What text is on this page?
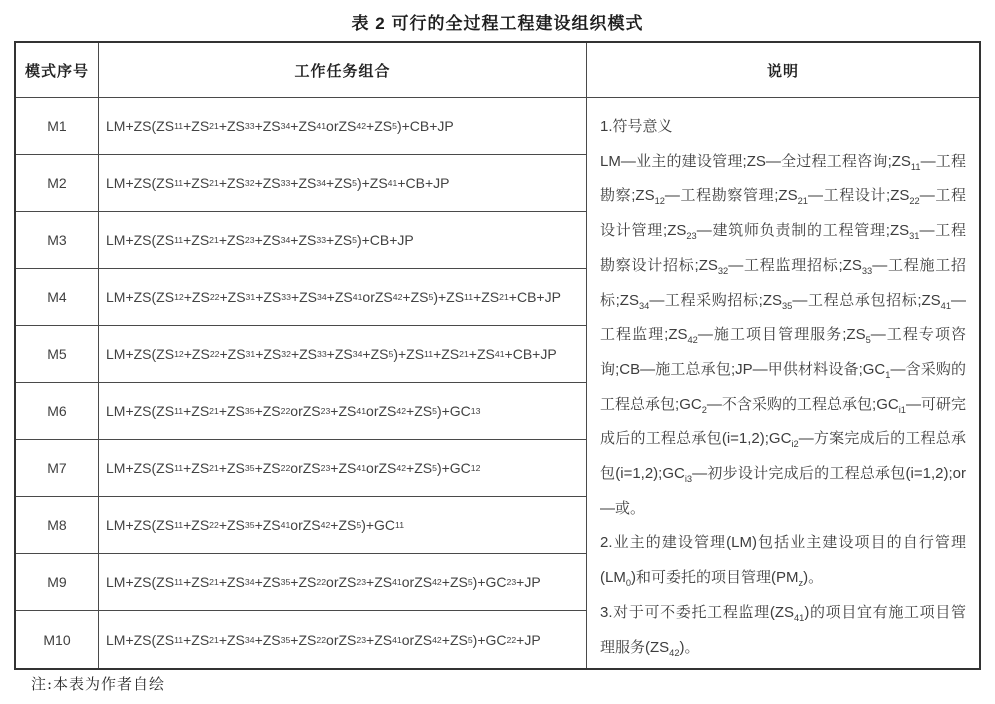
表 2 可行的全过程工程建设组织模式
模式序号	工作任务组合	说明
1.符号意义
LM—业主的建设管理;ZS—全过程工程咨询$;ZS_{11}—$工程勘察$;ZS_{12}—$工程勘察管理$;ZS_{21}—$工程设计$;ZS_{22}—$工程设计管理$;ZS_{23}—$建筑师负责制的工程管理$;ZS_{31}—$工程勘察设计招标$;ZS_{32}—$工程监理招标$;ZS_{33}—$工程施工招标$;ZS_{34}—$工程采购招标$;ZS_{35}—$工程总承包招标$;ZS_{41}—$工程监理$;ZS_{42}—$施工项目管理服务$;ZS_5—$工程专项咨询;CB—施工总承包;JP—甲供材料设备$;GC_1—$含采购的工程总承包$;GC_2—$不含采购的工程总承包$;GC_{i1}—$可研完成后的工程总承包$(i=1,2);GC_{i2}—$方案完成后的工程总承包$(i=1,2);GC_{i3}—$初步设计完成后的工程总承包(i=1,2);or—或。
2.业主的建设管理(LM)包括业主建设项目的自行管理$(LM_0)$和可委托的项目管理$(PM_z)$。
3.对于可不委托工程监理$(ZS_{41})$的项目宜有施工项目管理服务$(ZS_{42})$。
M1	LM+ZS(ZS 11 +ZS 21 +ZS 33 +ZS 34 +ZS 41 orZS 42 +ZS 5 )+CB+JP
M2	LM+ZS(ZS 11 +ZS 21 +ZS 32 +ZS 33 +ZS 34 +ZS 5 )+ZS 41 +CB+JP
M3	LM+ZS(ZS 11 +ZS 21 +ZS 23 +ZS 34 +ZS 33 +ZS 5 )+CB+JP
M4	LM+ZS(ZS 12 +ZS 22 +ZS 31 +ZS 33 +ZS 34 +ZS 41 orZS 42 +ZS 5 )+ZS 11 +ZS 21 +CB+JP
M5	LM+ZS(ZS 12 +ZS 22 +ZS 31 +ZS 32 +ZS 33 +ZS 34 +ZS 5 )+ZS 11 +ZS 21 +ZS 41 +CB+JP
M6	LM+ZS(ZS 11 +ZS 21 +ZS 35 +ZS 22 orZS 23 +ZS 41 orZS 42 +ZS 5 )+GC 13
M7	LM+ZS(ZS 11 +ZS 21 +ZS 35 +ZS 22 orZS 23 +ZS 41 orZS 42 +ZS 5 )+GC 12
M8	LM+ZS(ZS 11 +ZS 22 +ZS 35 +ZS 41 orZS 42 +ZS 5 )+GC 11
M9	LM+ZS(ZS 11 +ZS 21 +ZS 34 +ZS 35 +ZS 22 orZS 23 +ZS 41 orZS 42 +ZS 5 )+GC 23 +JP
M10	LM+ZS(ZS 11 +ZS 21 +ZS 34 +ZS 35 +ZS 22 orZS 23 +ZS 41 orZS 42 +ZS 5 )+GC 22 +JP
注:本表为作者自绘
